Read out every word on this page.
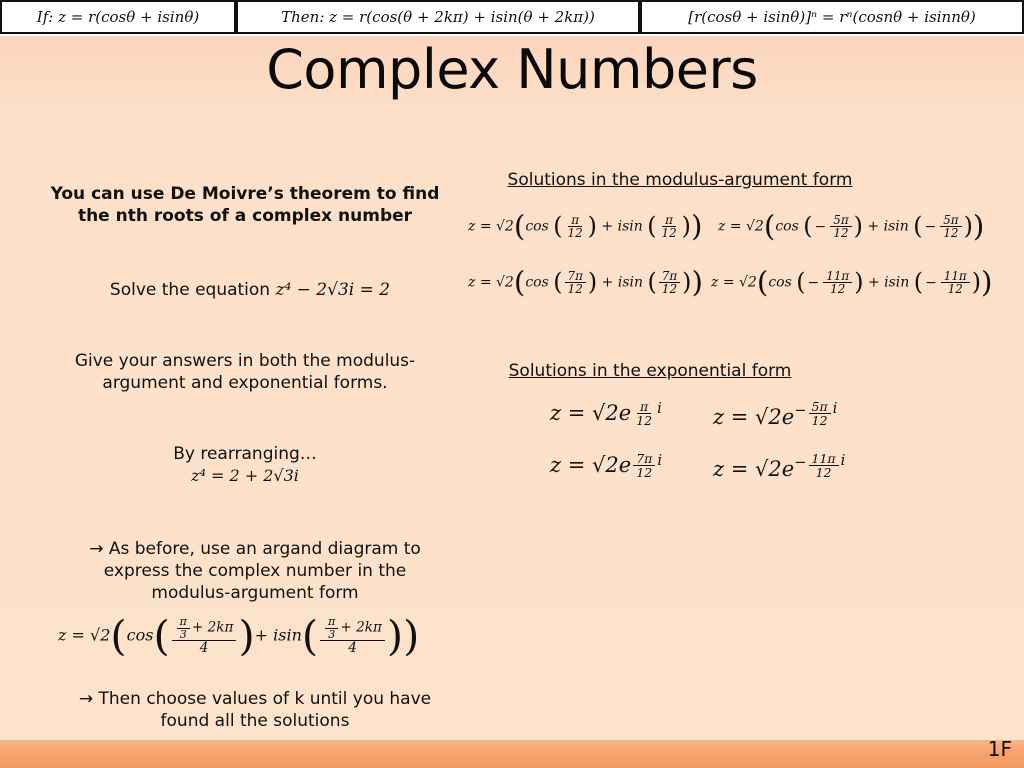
If: z = r(cosθ + isinθ)	Then: z = r(cos(θ + 2kπ) + isin(θ + 2kπ))	[r(cosθ + isinθ)]ⁿ = rⁿ(cosnθ + isinnθ)
Complex Numbers
You can use De Moivre’s theorem to find
the nth roots of a complex number
Solve the equation z⁴ − 2√3i = 2
Give your answers in both the modulus-
argument and exponential forms.
By rearranging…
z⁴ = 2 + 2√3i
→ As before, use an argand diagram to
express the complex number in the
modulus-argument form
$z = √2(\cos( \frac{\frac{\pi}{3} + 2k\pi}{4}$ )+ $isin( \frac{\frac{\pi}{3} + 2k\pi}{4}$ ))
→ Then choose values of k until you have
found all the solutions
Solutions in the modulus-argument form
z = √2(cos ( $\frac{\pi}{12}$ ) + isin ( $\frac{\pi}{12}$ )) z = √2(cos ( − $\frac{5\pi}{12}$ ) + isin ( − $\frac{5\pi}{12}$ ))
z = √2(cos ( $\frac{7\pi}{12}$ ) + isin ( $\frac{7\pi}{12}$ )) z = √2(cos ( − $\frac{11\pi}{12}$ ) + isin ( − $\frac{11\pi}{12}$ ))
Solutions in the exponential form
$z = √2e \frac{\pi}{12}$ i $z = √2e - \frac{5\pi}{12}$ i
$z = √2e \frac{7\pi}{12}$ i $z = √2e - \frac{11\pi}{12}$ i
1F
